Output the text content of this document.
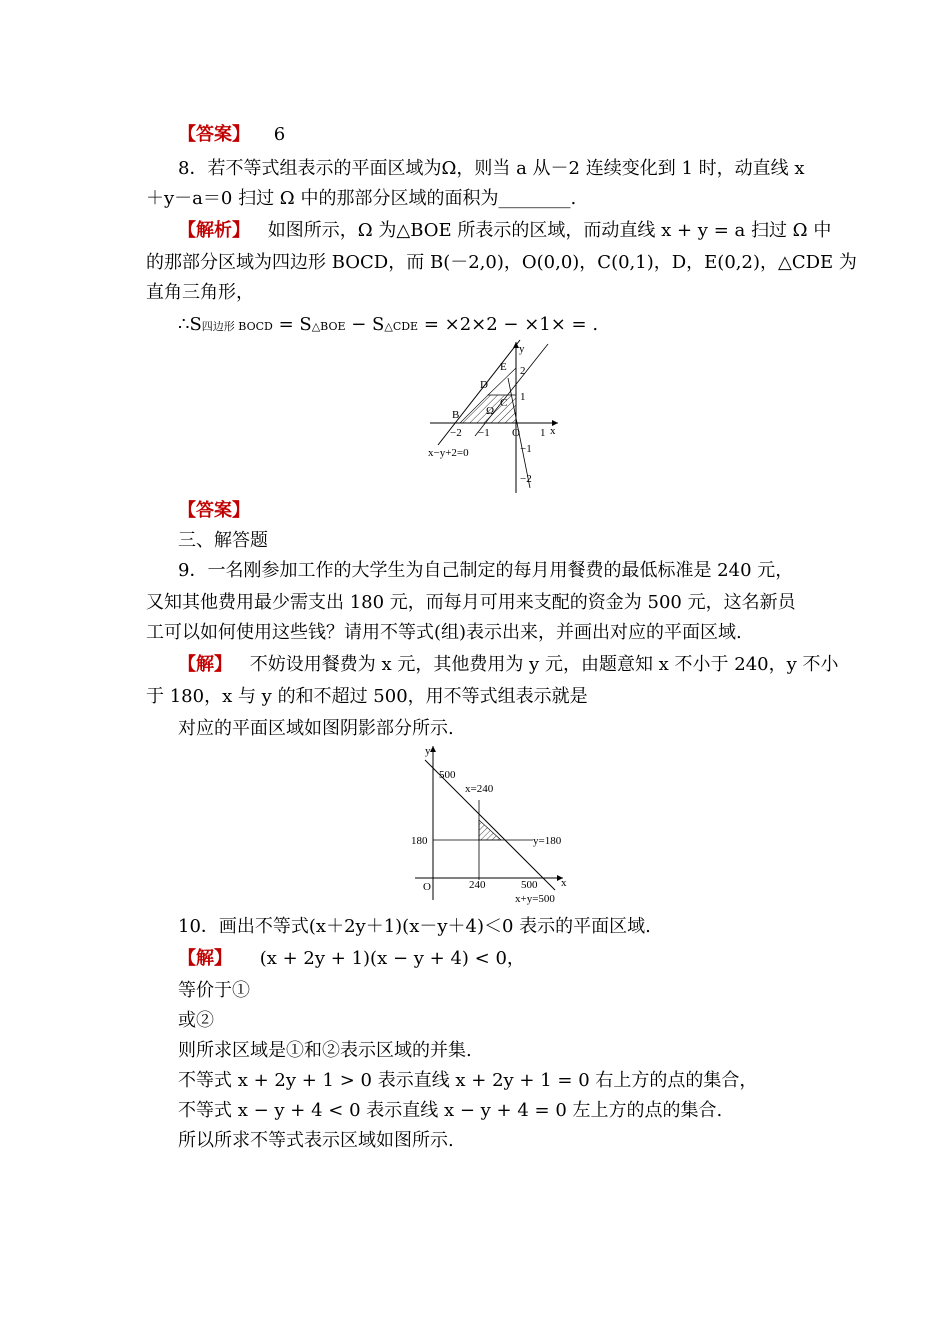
【答案】 6
8．若不等式组表示的平面区域为Ω，则当 a 从－2 连续变化到 1 时，动直线 x
＋y－a＝0 扫过 Ω 中的那部分区域的面积为________.
【解析】 如图所示，Ω 为△BOE 所表示的区域，而动直线 x + y = a 扫过 Ω 中
的那部分区域为四边形 BOCD，而 B(－2,0)，O(0,0)，C(0,1)，D，E(0,2)，△CDE 为
直角三角形，
∴S四边形 BOCD = S△BOE − S△CDE = ×2×2 − ×1× = .
y
x
E
D
B
C
Ω
O
2
1
−1
−2
1
−1
−2
x−y+2=0
【答案】
三、解答题
9．一名刚参加工作的大学生为自己制定的每月用餐费的最低标准是 240 元，
又知其他费用最少需支出 180 元，而每月可用来支配的资金为 500 元，这名新员
工可以如何使用这些钱？请用不等式(组)表示出来，并画出对应的平面区域.
【解】 不妨设用餐费为 x 元，其他费用为 y 元，由题意知 x 不小于 240，y 不小
于 180，x 与 y 的和不超过 500，用不等式组表示就是
对应的平面区域如图阴影部分所示.
y
x
O
500
x=240
180	y=180
240	500
x+y=500
10．画出不等式(x＋2y＋1)(x－y＋4)＜0 表示的平面区域.
【解】 (x + 2y + 1)(x − y + 4) < 0，
等价于①
或②
则所求区域是①和②表示区域的并集.
不等式 x + 2y + 1 > 0 表示直线 x + 2y + 1 = 0 右上方的点的集合，
不等式 x − y + 4 < 0 表示直线 x − y + 4 = 0 左上方的点的集合.
所以所求不等式表示区域如图所示.
